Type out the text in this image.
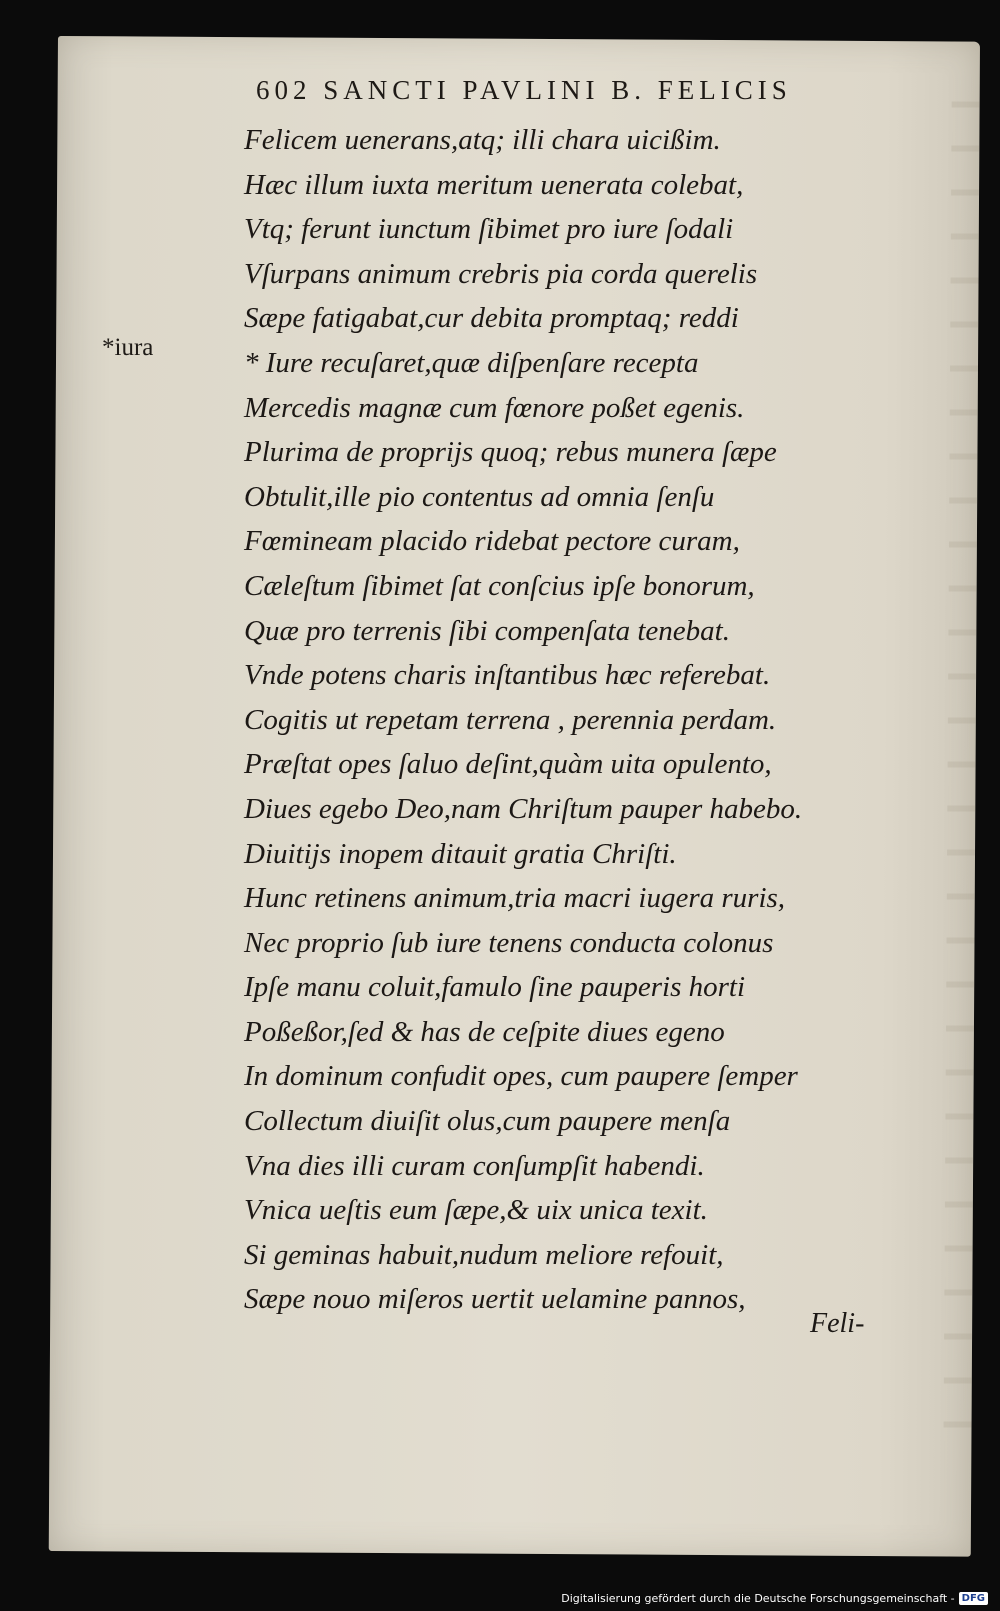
602 SANCTI PAVLINI B. FELICIS
*iura
Felicem uenerans,atq; illi chara uicißim.
Hæc illum iuxta meritum uenerata colebat,
Vtq; ferunt iunctum ſibimet pro iure ſodali
Vſurpans animum crebris pia corda querelis
Sæpe fatigabat,cur debita promptaq; reddi
* Iure recuſaret,quæ diſpenſare recepta
Mercedis magnæ cum fœnore poßet egenis.
Plurima de proprijs quoq; rebus munera ſæpe
Obtulit,ille pio contentus ad omnia ſenſu
Fœmineam placido ridebat pectore curam,
Cæleſtum ſibimet ſat conſcius ipſe bonorum,
Quæ pro terrenis ſibi compenſata tenebat.
Vnde potens charis inſtantibus hæc referebat.
Cogitis ut repetam terrena , perennia perdam.
Præſtat opes ſaluo deſint,quàm uita opulento,
Diues egebo Deo,nam Chriſtum pauper habebo.
Diuitijs inopem ditauit gratia Chriſti.
Hunc retinens animum,tria macri iugera ruris,
Nec proprio ſub iure tenens conducta colonus
Ipſe manu coluit,famulo ſine pauperis horti
Poßeßor,ſed & has de ceſpite diues egeno
In dominum confudit opes, cum paupere ſemper
Collectum diuiſit olus,cum paupere menſa
Vna dies illi curam conſumpſit habendi.
Vnica ueſtis eum ſæpe,& uix unica texit.
Si geminas habuit,nudum meliore refouit,
Sæpe nouo miſeros uertit uelamine pannos,
Feli-
Digitalisierung gefördert durch die Deutsche Forschungsgemeinschaft - DFG
